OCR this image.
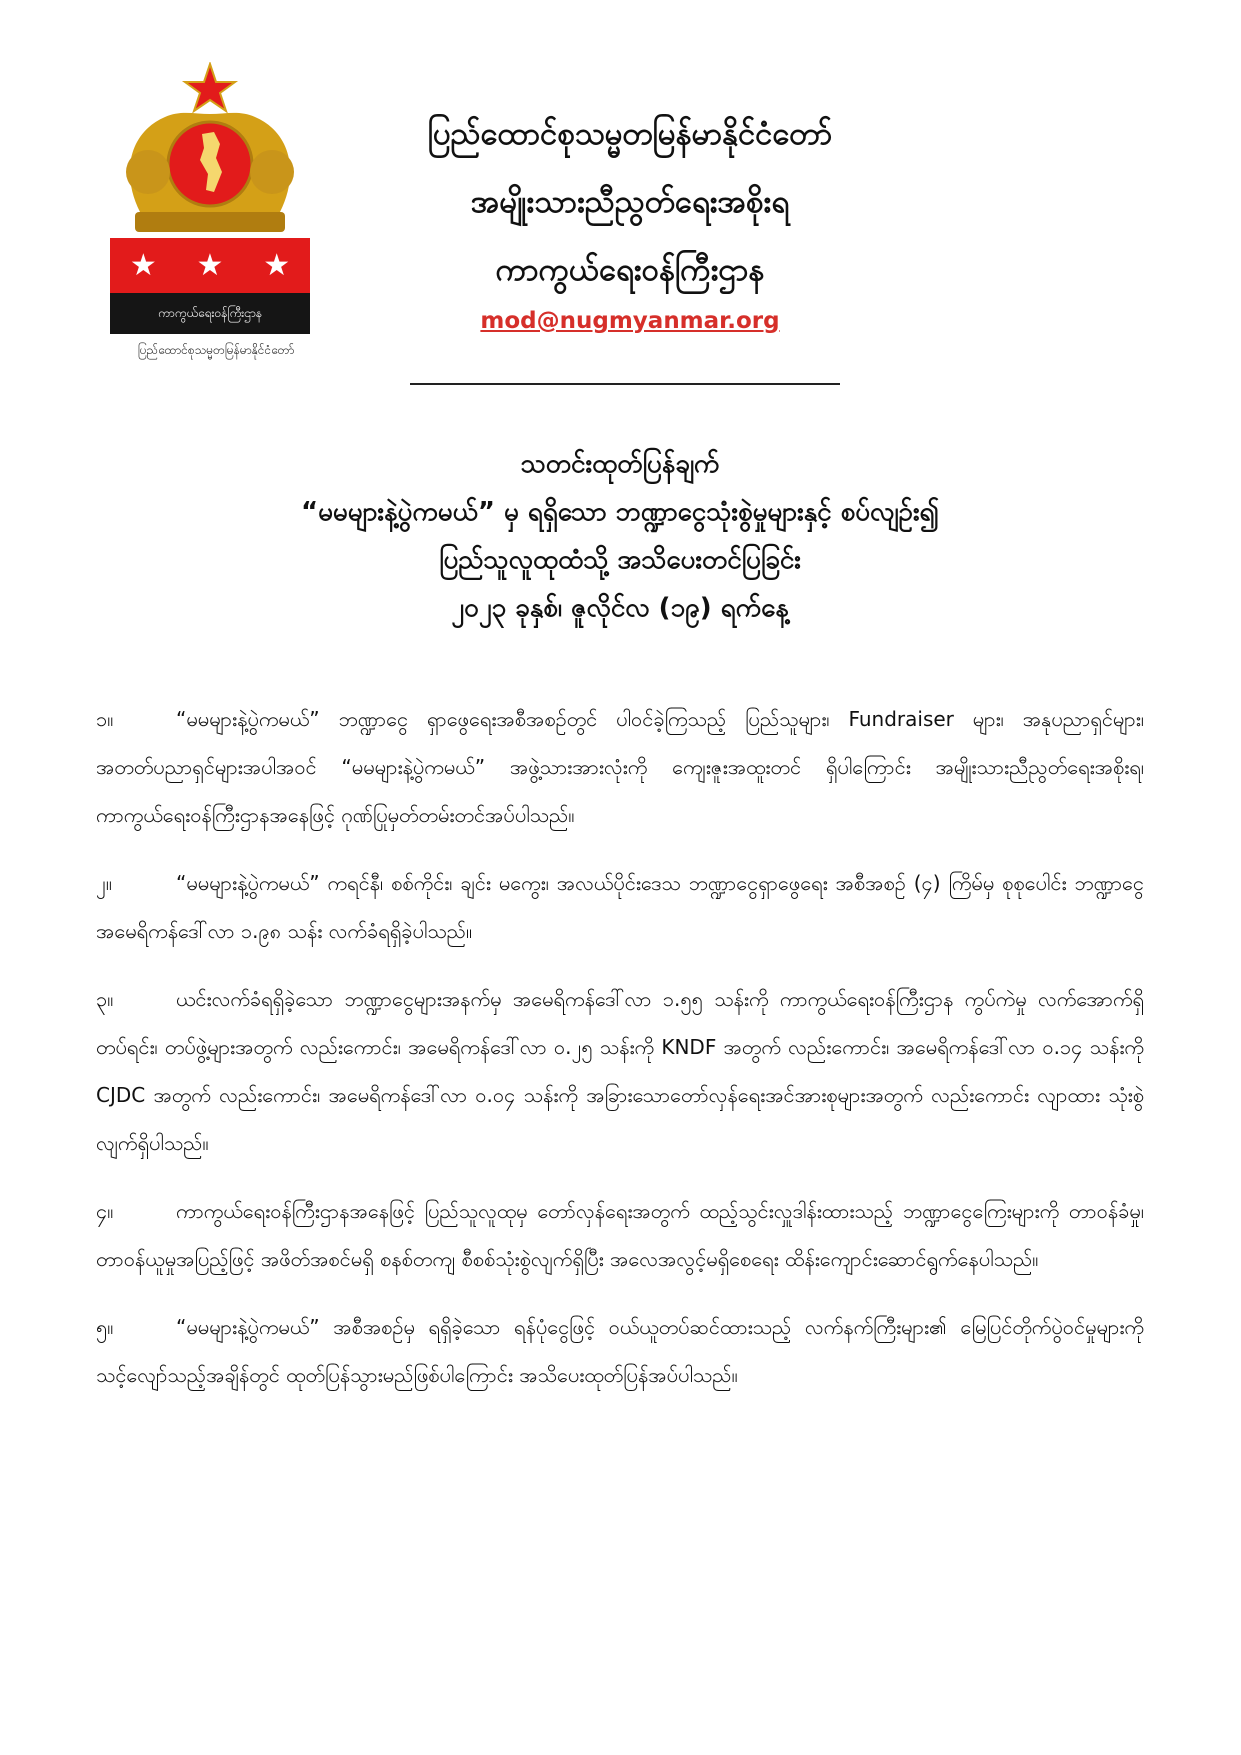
★ ★ ★
ကာကွယ်ရေးဝန်ကြီးဌာန
ပြည်ထောင်စုသမ္မတမြန်မာနိုင်ငံတော်
ပြည်ထောင်စုသမ္မတမြန်မာနိုင်ငံတော်
အမျိုးသားညီညွတ်ရေးအစိုးရ
ကာကွယ်ရေးဝန်ကြီးဌာန
mod@nugmyanmar.org
သတင်းထုတ်ပြန်ချက်
“မမများနဲ့ပွဲကမယ်” မှ ရရှိသော ဘဏ္ဍာငွေသုံးစွဲမှုများနှင့် စပ်လျဥ်း၍
ပြည်သူလူထုထံသို့ အသိပေးတင်ပြခြင်း
၂၀၂၃ ခုနှစ်၊ ဇူလိုင်လ (၁၉) ရက်နေ့

၁။	“မမများနဲ့ပွဲကမယ်” ဘဏ္ဍာငွေ ရှာဖွေရေးအစီအစဥ်တွင် ပါဝင်ခဲ့ကြသည့် ပြည်သူများ၊ Fundraiser များ၊ အနုပညာရှင်များ၊ အတတ်ပညာရှင်များအပါအဝင် “မမများနဲ့ပွဲကမယ်” အဖွဲ့သားအားလုံးကို ကျေးဇူးအထူးတင် ရှိပါကြောင်း အမျိုးသားညီညွတ်ရေးအစိုးရ၊ ကာကွယ်ရေးဝန်ကြီးဌာနအနေဖြင့် ဂုဏ်ပြုမှတ်တမ်းတင်အပ်ပါသည်။

၂။	“မမများနဲ့ပွဲကမယ်” ကရင်နီ၊ စစ်ကိုင်း၊ ချင်း မကွေး၊ အလယ်ပိုင်းဒေသ ဘဏ္ဍာငွေရှာဖွေရေး အစီအစဥ် (၄) ကြိမ်မှ စုစုပေါင်း ဘဏ္ဍာငွေ အမေရိကန်ဒေါ်လာ ၁.၉၈ သန်း လက်ခံရရှိခဲ့ပါသည်။

၃။	ယင်းလက်ခံရရှိခဲ့သော ဘဏ္ဍာငွေများအနက်မှ အမေရိကန်ဒေါ်လာ ၁.၅၅ သန်းကို ကာကွယ်ရေးဝန်ကြီးဌာန ကွပ်ကဲမှု လက်အောက်ရှိ တပ်ရင်း၊ တပ်ဖွဲ့များအတွက် လည်းကောင်း၊ အမေရိကန်ဒေါ်လာ ၀.၂၅ သန်းကို KNDF အတွက် လည်းကောင်း၊ အမေရိကန်ဒေါ်လာ ၀.၁၄ သန်းကို CJDC အတွက် လည်းကောင်း၊ အမေရိကန်ဒေါ်လာ ၀.၀၄ သန်းကို အခြားသောတော်လှန်ရေးအင်အားစုများအတွက် လည်းကောင်း လျာထား သုံးစွဲလျက်ရှိပါသည်။

၄။	ကာကွယ်ရေးဝန်ကြီးဌာနအနေဖြင့် ပြည်သူလူထုမှ တော်လှန်ရေးအတွက် ထည့်သွင်းလှူဒါန်းထားသည့် ဘဏ္ဍာငွေကြေးများကို တာဝန်ခံမှု၊ တာဝန်ယူမှုအပြည့်ဖြင့် အဖိတ်အစင်မရှိ စနစ်တကျ စီစစ်သုံးစွဲလျက်ရှိပြီး အလေအလွင့်မရှိစေရေး ထိန်းကျောင်းဆောင်ရွက်နေပါသည်။

၅။	“မမများနဲ့ပွဲကမယ်” အစီအစဥ်မှ ရရှိခဲ့သော ရန်ပုံငွေဖြင့် ဝယ်ယူတပ်ဆင်ထားသည့် လက်နက်ကြီးများ၏ မြေပြင်တိုက်ပွဲဝင်မှုများကို သင့်လျော်သည့်အချိန်တွင် ထုတ်ပြန်သွားမည်ဖြစ်ပါကြောင်း အသိပေးထုတ်ပြန်အပ်ပါသည်။
